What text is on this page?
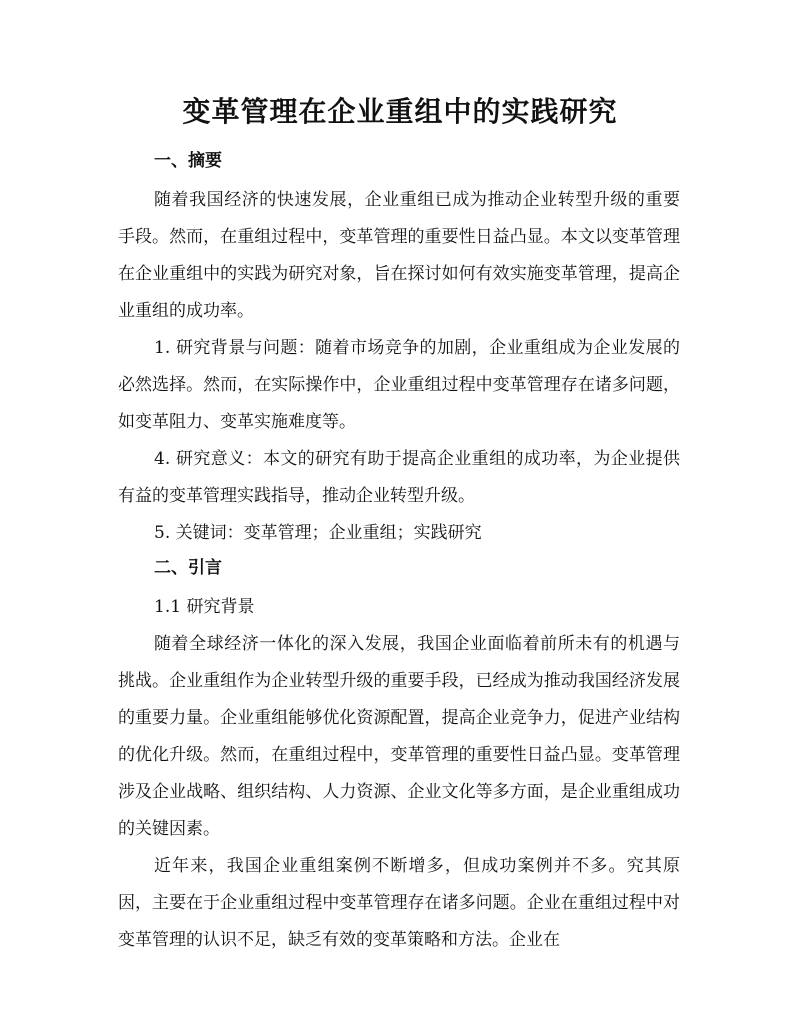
变革管理在企业重组中的实践研究
一、摘要

随着我国经济的快速发展，企业重组已成为推动企业转型升级的重要手段。然而，在重组过程中，变革管理的重要性日益凸显。本文以变革管理在企业重组中的实践为研究对象，旨在探讨如何有效实施变革管理，提高企业重组的成功率。

1. 研究背景与问题：随着市场竞争的加剧，企业重组成为企业发展的必然选择。然而，在实际操作中，企业重组过程中变革管理存在诸多问题，如变革阻力、变革实施难度等。

4. 研究意义：本文的研究有助于提高企业重组的成功率，为企业提供有益的变革管理实践指导，推动企业转型升级。

5. 关键词：变革管理；企业重组；实践研究

二、引言

1.1 研究背景

随着全球经济一体化的深入发展，我国企业面临着前所未有的机遇与挑战。企业重组作为企业转型升级的重要手段，已经成为推动我国经济发展的重要力量。企业重组能够优化资源配置，提高企业竞争力，促进产业结构的优化升级。然而，在重组过程中，变革管理的重要性日益凸显。变革管理涉及企业战略、组织结构、人力资源、企业文化等多方面，是企业重组成功的关键因素。

近年来，我国企业重组案例不断增多，但成功案例并不多。究其原因，主要在于企业重组过程中变革管理存在诸多问题。企业在重组过程中对变革管理的认识不足，缺乏有效的变革策略和方法。企业在
